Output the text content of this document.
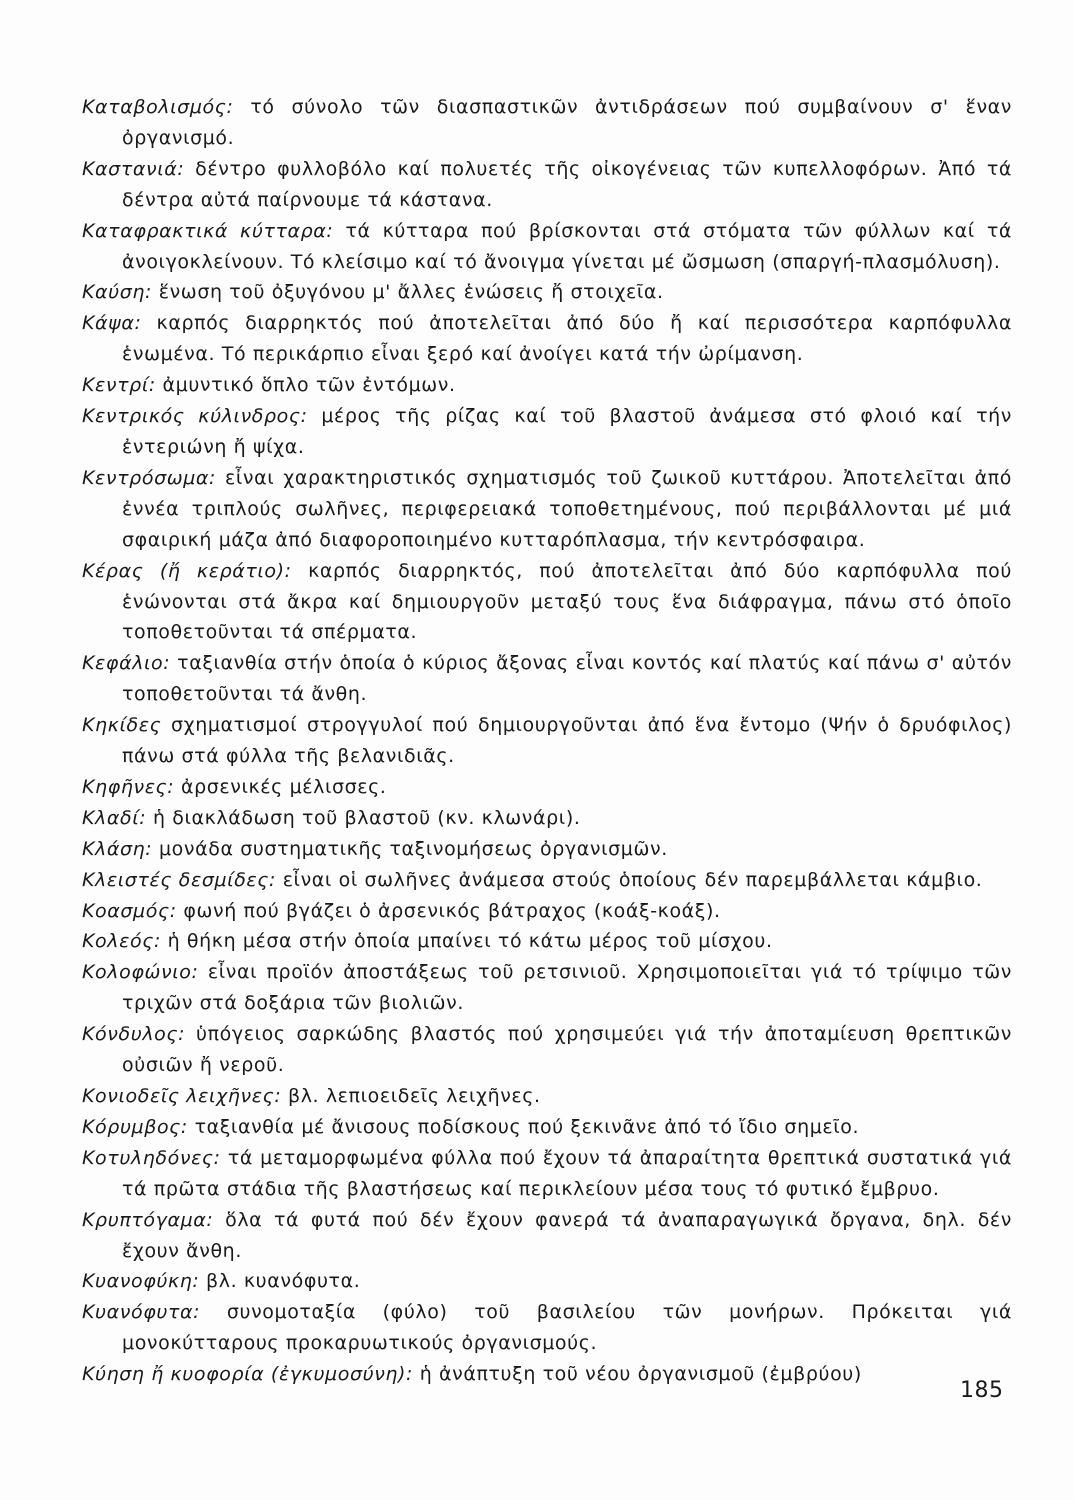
Καταβολισμός: τό σύνολο τῶν διασπαστικῶν ἀντιδράσεων πού συμβαίνουν σ' ἕναν ὀργανισμό.

Καστανιά: δέντρο φυλλοβόλο καί πολυετές τῆς οἰκογένειας τῶν κυπελλοφόρων. Ἀπό τά δέντρα αὐτά παίρνουμε τά κάστανα.

Καταφρακτικά κύτταρα: τά κύτταρα πού βρίσκονται στά στόματα τῶν φύλλων καί τά ἀνοιγοκλείνουν. Τό κλείσιμο καί τό ἄνοιγμα γίνεται μέ ὤσμωση (σπαργή-πλασμόλυση).

Καύση: ἕνωση τοῦ ὀξυγόνου μ' ἄλλες ἑνώσεις ἤ στοιχεῖα.

Κάψα: καρπός διαρρηκτός πού ἀποτελεῖται ἀπό δύο ἤ καί περισσότερα καρπόφυλλα ἑνωμένα. Τό περικάρπιο εἶναι ξερό καί ἀνοίγει κατά τήν ὠρίμανση.

Κεντρί: ἀμυντικό ὅπλο τῶν ἐντόμων.

Κεντρικός κύλινδρος: μέρος τῆς ρίζας καί τοῦ βλαστοῦ ἀνάμεσα στό φλοιό καί τήν ἐντεριώνη ἤ ψίχα.

Κεντρόσωμα: εἶναι χαρακτηριστικός σχηματισμός τοῦ ζωικοῦ κυττάρου. Ἀποτελεῖται ἀπό ἐννέα τριπλούς σωλῆνες, περιφερειακά τοποθετημένους, πού περιβάλλονται μέ μιά σφαιρική μάζα ἀπό διαφοροποιημένο κυτταρόπλασμα, τήν κεντρόσφαιρα.

Κέρας (ἤ κεράτιο): καρπός διαρρηκτός, πού ἀποτελεῖται ἀπό δύο καρπόφυλλα πού ἑνώνονται στά ἄκρα καί δημιουργοῦν μεταξύ τους ἕνα διάφραγμα, πάνω στό ὁποῖο τοποθετοῦνται τά σπέρματα.

Κεφάλιο: ταξιανθία στήν ὁποία ὁ κύριος ἄξονας εἶναι κοντός καί πλατύς καί πάνω σ' αὐτόν τοποθετοῦνται τά ἄνθη.

Κηκίδες σχηματισμοί στρογγυλοί πού δημιουργοῦνται ἀπό ἕνα ἔντομο (Ψήν ὁ δρυόφιλος) πάνω στά φύλλα τῆς βελανιδιᾶς.

Κηφῆνες: ἀρσενικές μέλισσες.

Κλαδί: ἡ διακλάδωση τοῦ βλαστοῦ (κν. κλωνάρι).

Κλάση: μονάδα συστηματικῆς ταξινομήσεως ὀργανισμῶν.

Κλειστές δεσμίδες: εἶναι οἱ σωλῆνες ἀνάμεσα στούς ὁποίους δέν παρεμβάλλεται κάμβιο.

Κοασμός: φωνή πού βγάζει ὁ ἀρσενικός βάτραχος (κοάξ-κοάξ).

Κολεός: ἡ θήκη μέσα στήν ὁποία μπαίνει τό κάτω μέρος τοῦ μίσχου.

Κολοφώνιο: εἶναι προϊόν ἀποστάξεως τοῦ ρετσινιοῦ. Χρησιμοποιεῖται γιά τό τρίψιμο τῶν τριχῶν στά δοξάρια τῶν βιολιῶν.

Κόνδυλος: ὑπόγειος σαρκώδης βλαστός πού χρησιμεύει γιά τήν ἀποταμίευση θρεπτικῶν οὐσιῶν ἤ νεροῦ.

Κονιοδεῖς λειχῆνες: βλ. λεπιοειδεῖς λειχῆνες.

Κόρυμβος: ταξιανθία μέ ἄνισους ποδίσκους πού ξεκινᾶνε ἀπό τό ἴδιο σημεῖο.

Κοτυληδόνες: τά μεταμορφωμένα φύλλα πού ἔχουν τά ἀπαραίτητα θρεπτικά συστατικά γιά τά πρῶτα στάδια τῆς βλαστήσεως καί περικλείουν μέσα τους τό φυτικό ἔμβρυο.

Κρυπτόγαμα: ὅλα τά φυτά πού δέν ἔχουν φανερά τά ἀναπαραγωγικά ὄργανα, δηλ. δέν ἔχουν ἄνθη.

Κυανοφύκη: βλ. κυανόφυτα.

Κυανόφυτα: συνομοταξία (φύλο) τοῦ βασιλείου τῶν μονήρων. Πρόκειται γιά μονοκύτταρους προκαρυωτικούς ὀργανισμούς.

Κύηση ἤ κυοφορία (ἐγκυμοσύνη): ἡ ἀνάπτυξη τοῦ νέου ὀργανισμοῦ (ἐμβρύου)

185
